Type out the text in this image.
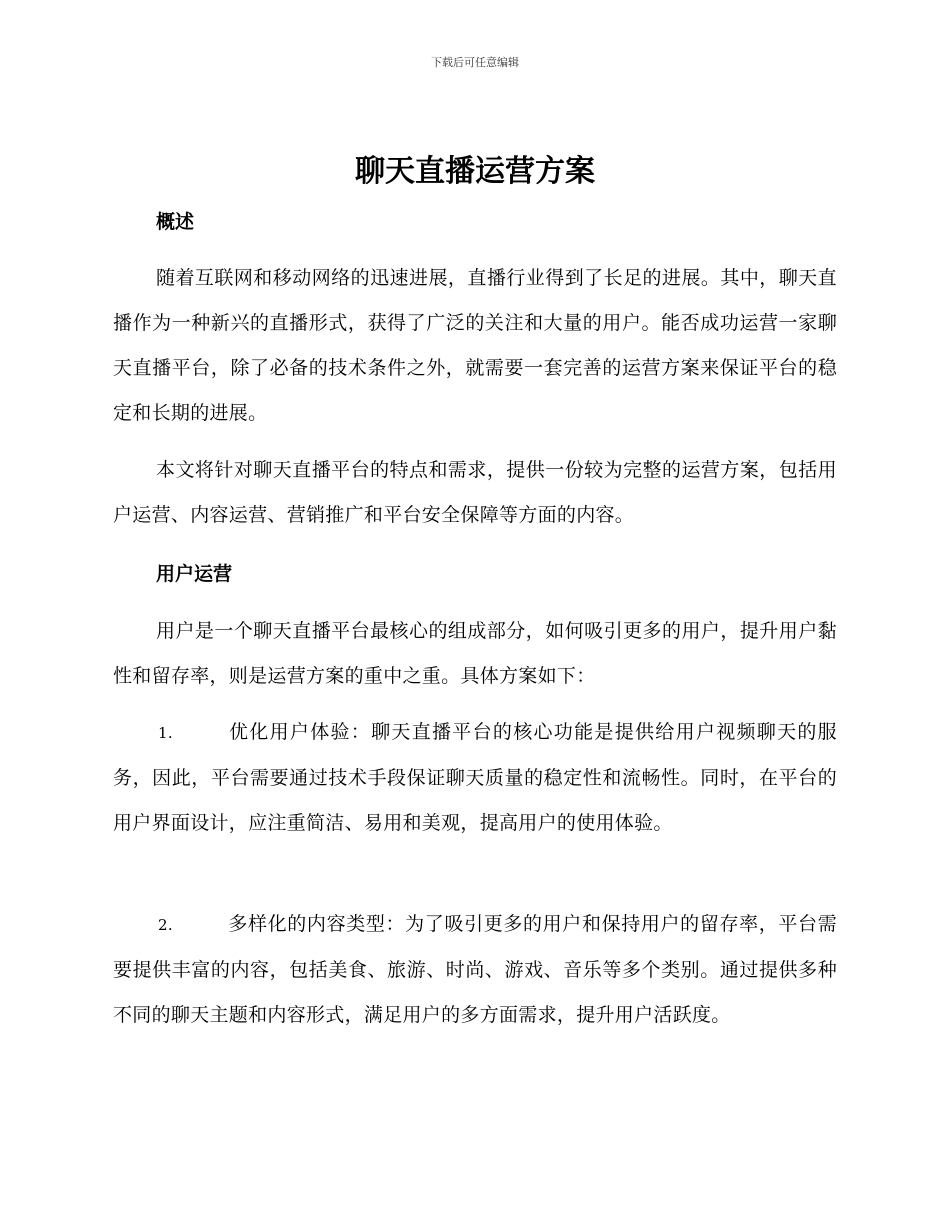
下载后可任意编辑
聊天直播运营方案
概述

随着互联网和移动网络的迅速进展，直播行业得到了长足的进展。其中，聊天直播作为一种新兴的直播形式，获得了广泛的关注和大量的用户。能否成功运营一家聊天直播平台，除了必备的技术条件之外，就需要一套完善的运营方案来保证平台的稳定和长期的进展。

本文将针对聊天直播平台的特点和需求，提供一份较为完整的运营方案，包括用户运营、内容运营、营销推广和平台安全保障等方面的内容。

用户运营

用户是一个聊天直播平台最核心的组成部分，如何吸引更多的用户，提升用户黏性和留存率，则是运营方案的重中之重。具体方案如下：

1.	优化用户体验：聊天直播平台的核心功能是提供给用户视频聊天的服务，因此，平台需要通过技术手段保证聊天质量的稳定性和流畅性。同时，在平台的用户界面设计，应注重简洁、易用和美观，提高用户的使用体验。

2.	多样化的内容类型：为了吸引更多的用户和保持用户的留存率，平台需要提供丰富的内容，包括美食、旅游、时尚、游戏、音乐等多个类别。通过提供多种不同的聊天主题和内容形式，满足用户的多方面需求，提升用户活跃度。
